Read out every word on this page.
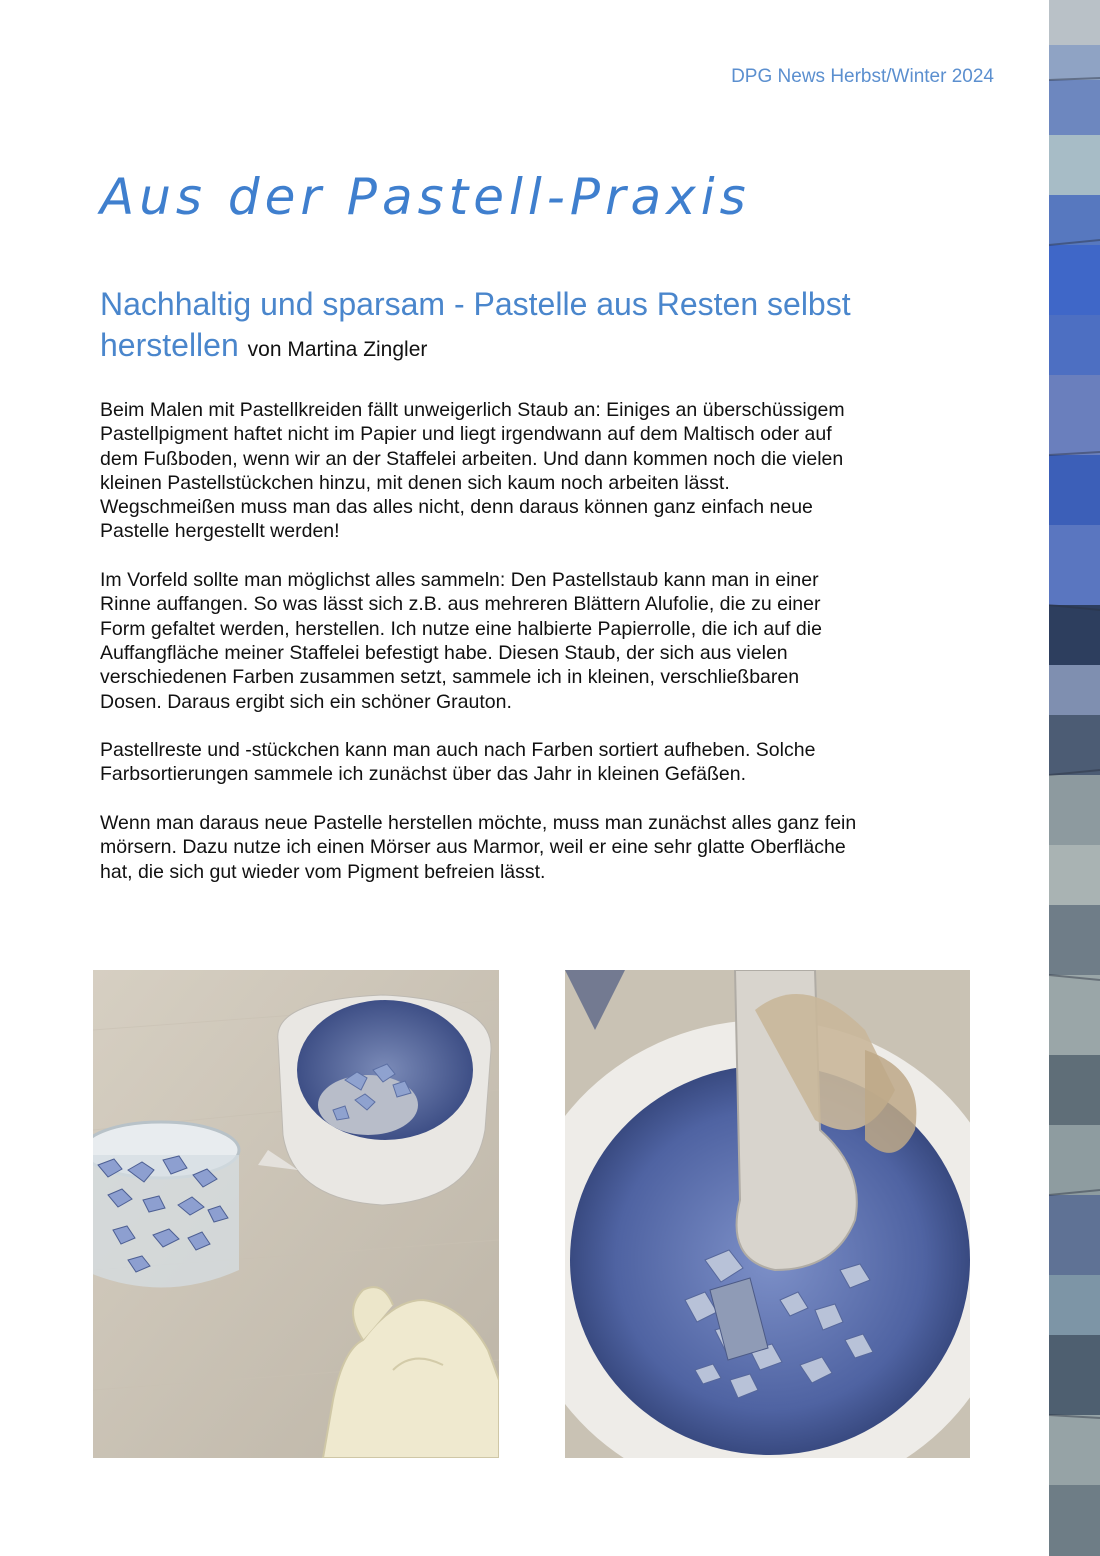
DPG News Herbst/Winter 2024
Aus der Pastell-Praxis
Nachhaltig und sparsam - Pastelle aus Resten selbst herstellen von Martina Zingler

Beim Malen mit Pastellkreiden fällt unweigerlich Staub an: Einiges an überschüssigem
Pastellpigment haftet nicht im Papier und liegt irgendwann auf dem Maltisch oder auf
dem Fußboden, wenn wir an der Staffelei arbeiten. Und dann kommen noch die vielen
kleinen Pastellstückchen hinzu, mit denen sich kaum noch arbeiten lässt.
Wegschmeißen muss man das alles nicht, denn daraus können ganz einfach neue
Pastelle hergestellt werden!

Im Vorfeld sollte man möglichst alles sammeln: Den Pastellstaub kann man in einer
Rinne auffangen. So was lässt sich z.B. aus mehreren Blättern Alufolie, die zu einer
Form gefaltet werden, herstellen. Ich nutze eine halbierte Papierrolle, die ich auf die
Auffangfläche meiner Staffelei befestigt habe. Diesen Staub, der sich aus vielen
verschiedenen Farben zusammen setzt, sammele ich in kleinen, verschließbaren
Dosen. Daraus ergibt sich ein schöner Grauton.

Pastellreste und -stückchen kann man auch nach Farben sortiert aufheben. Solche
Farbsortierungen sammele ich zunächst über das Jahr in kleinen Gefäßen.

Wenn man daraus neue Pastelle herstellen möchte, muss man zunächst alles ganz fein
mörsern. Dazu nutze ich einen Mörser aus Marmor, weil er eine sehr glatte Oberfläche
hat, die sich gut wieder vom Pigment befreien lässt.
